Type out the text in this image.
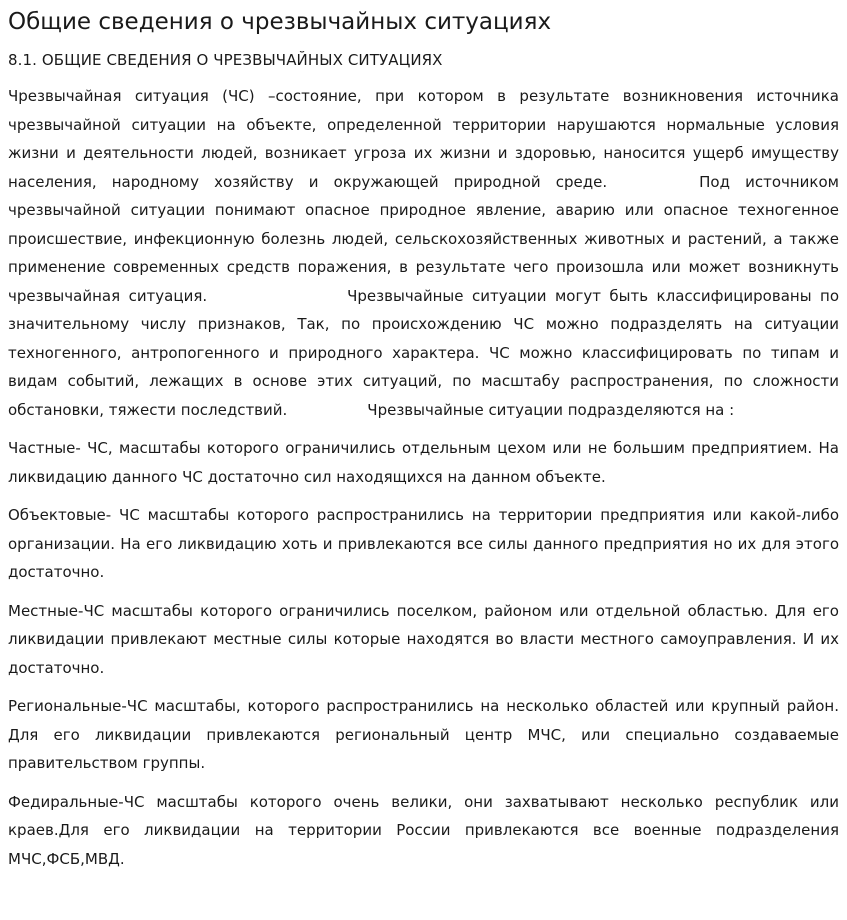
Общие сведения о чрезвычайных ситуациях
8.1. ОБЩИЕ СВЕДЕНИЯ О ЧРЕЗВЫЧАЙНЫХ СИТУАЦИЯХ

Чрезвычайная ситуация (ЧС) –состояние, при котором в результате возникновения источника чрезвычайной ситуации на объекте, определенной территории нарушаются нормальные условия жизни и деятельности людей, возникает угроза их жизни и здоровью, наносится ущерб имуществу населения, народному хозяйству и окружающей природной среде.	Под источником чрезвычайной ситуации понимают опасное природное явление, аварию или опасное техногенное происшествие, инфекционную болезнь людей, сельскохозяйственных животных и растений, а также применение современных средств поражения, в результате чего произошла или может возникнуть чрезвычайная ситуация.	Чрезвычайные ситуации могут быть классифицированы по значительному числу признаков, Так, по происхождению ЧС можно подразделять на ситуации техногенного, антропогенного и природного характера. ЧС можно классифицировать по типам и видам событий, лежащих в основе этих ситуаций, по масштабу распространения, по сложности обстановки, тяжести последствий.	Чрезвычайные ситуации подразделяются на :

Частные- ЧС, масштабы которого ограничились отдельным цехом или не большим предприятием. На ликвидацию данного ЧС достаточно сил находящихся на данном объекте.

Объектовые- ЧС масштабы которого распространились на территории предприятия или какой-либо организации. На его ликвидацию хоть и привлекаются все силы данного предприятия но их для этого достаточно.

Местные-ЧС масштабы которого ограничились поселком, районом или отдельной областью. Для его ликвидации привлекают местные силы которые находятся во власти местного самоуправления. И их достаточно.

Региональные-ЧС масштабы, которого распространились на несколько областей или крупный район. Для его ликвидации привлекаются региональный центр МЧС, или специально создаваемые правительством группы.

Федиральные-ЧС масштабы которого очень велики, они захватывают несколько республик или краев.Для его ликвидации на территории России привлекаются все военные подразделения МЧС,ФСБ,МВД.
